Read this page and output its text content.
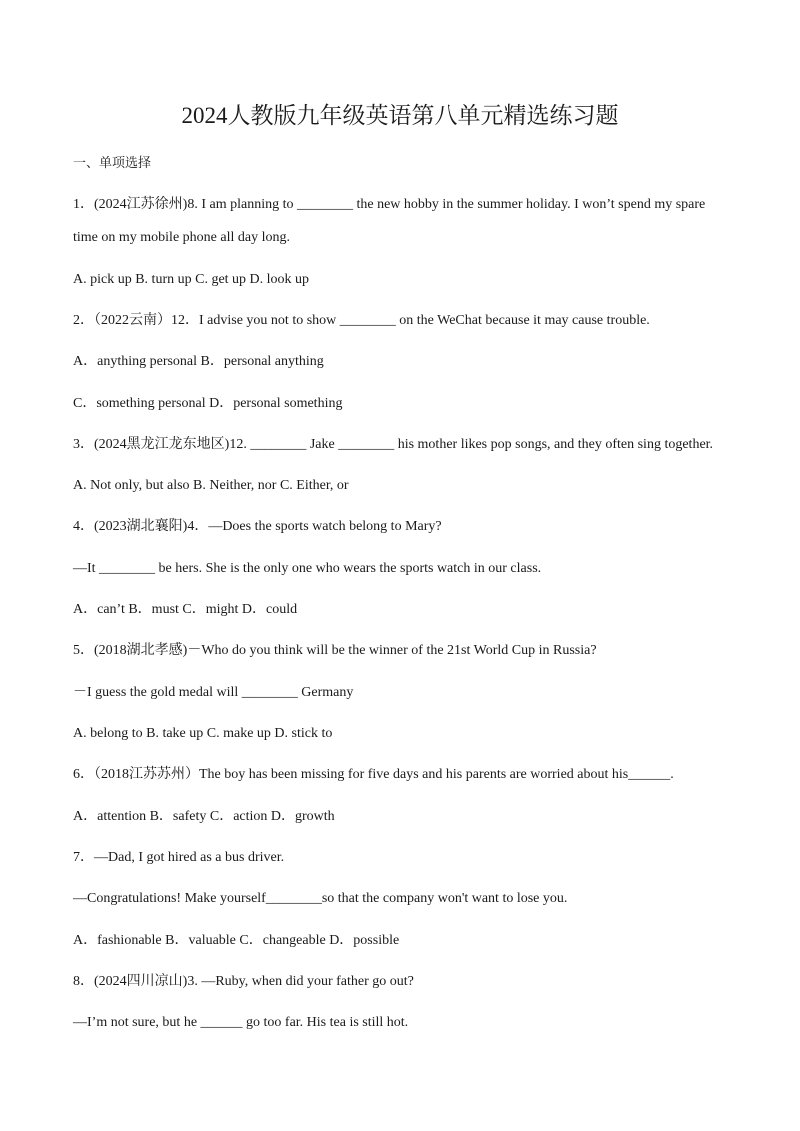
2024人教版九年级英语第八单元精选练习题
一、单项选择
1．(2024江苏徐州)8. I am planning to ________ the new hobby in the summer holiday. I won’t spend my spare
time on my mobile phone all day long.
A. pick up B. turn up C. get up D. look up
2．（2022云南）12．I advise you not to show ________ on the WeChat because it may cause trouble.
A．anything personal B．personal anything
C．something personal D．personal something
3．(2024黑龙江龙东地区)12. ________ Jake ________ his mother likes pop songs, and they often sing together.
A. Not only, but also B. Neither, nor C. Either, or
4．(2023湖北襄阳)4．—Does the sports watch belong to Mary?
—It ________ be hers. She is the only one who wears the sports watch in our class.
A．can’t B．must C．might D．could
5．(2018湖北孝感)－Who do you think will be the winner of the 21st World Cup in Russia?
－I guess the gold medal will ________ Germany
A. belong to B. take up C. make up D. stick to
6．（2018江苏苏州）The boy has been missing for five days and his parents are worried about his______.
A．attention B．safety C．action D．growth
7．—Dad, I got hired as a bus driver.
—Congratulations! Make yourself________so that the company won't want to lose you.
A．fashionable B．valuable C．changeable D．possible
8．(2024四川凉山)3. —Ruby, when did your father go out?
—I’m not sure, but he ______ go too far. His tea is still hot.
